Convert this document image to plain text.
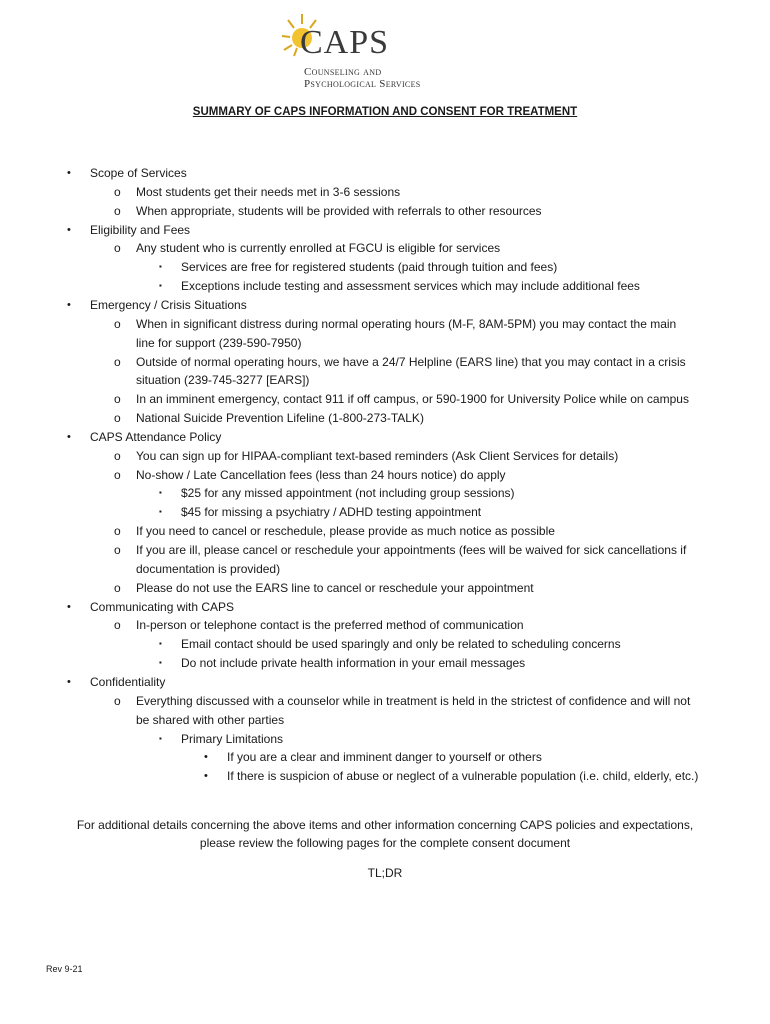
CAPS
Counseling and
Psychological Services
SUMMARY OF CAPS INFORMATION AND CONSENT FOR TREATMENT
• Scope of Services
o Most students get their needs met in 3-6 sessions
o When appropriate, students will be provided with referrals to other resources
• Eligibility and Fees
o Any student who is currently enrolled at FGCU is eligible for services
▪ Services are free for registered students (paid through tuition and fees)
▪ Exceptions include testing and assessment services which may include additional fees
• Emergency / Crisis Situations
o When in significant distress during normal operating hours (M-F, 8AM-5PM) you may contact the main
line for support (239-590-7950)
o Outside of normal operating hours, we have a 24/7 Helpline (EARS line) that you may contact in a crisis
situation (239-745-3277 [EARS])
o In an imminent emergency, contact 911 if off campus, or 590-1900 for University Police while on campus
o National Suicide Prevention Lifeline (1-800-273-TALK)
• CAPS Attendance Policy
o You can sign up for HIPAA-compliant text-based reminders (Ask Client Services for details)
o No-show / Late Cancellation fees (less than 24 hours notice) do apply
▪ $25 for any missed appointment (not including group sessions)
▪ $45 for missing a psychiatry / ADHD testing appointment
o If you need to cancel or reschedule, please provide as much notice as possible
o If you are ill, please cancel or reschedule your appointments (fees will be waived for sick cancellations if
documentation is provided)
o Please do not use the EARS line to cancel or reschedule your appointment
• Communicating with CAPS
o In-person or telephone contact is the preferred method of communication
▪ Email contact should be used sparingly and only be related to scheduling concerns
▪ Do not include private health information in your email messages
• Confidentiality
o Everything discussed with a counselor while in treatment is held in the strictest of confidence and will not
be shared with other parties
▪ Primary Limitations
• If you are a clear and imminent danger to yourself or others
• If there is suspicion of abuse or neglect of a vulnerable population (i.e. child, elderly, etc.)
For additional details concerning the above items and other information concerning CAPS policies and expectations,
please review the following pages for the complete consent document
TL;DR
Rev 9-21
